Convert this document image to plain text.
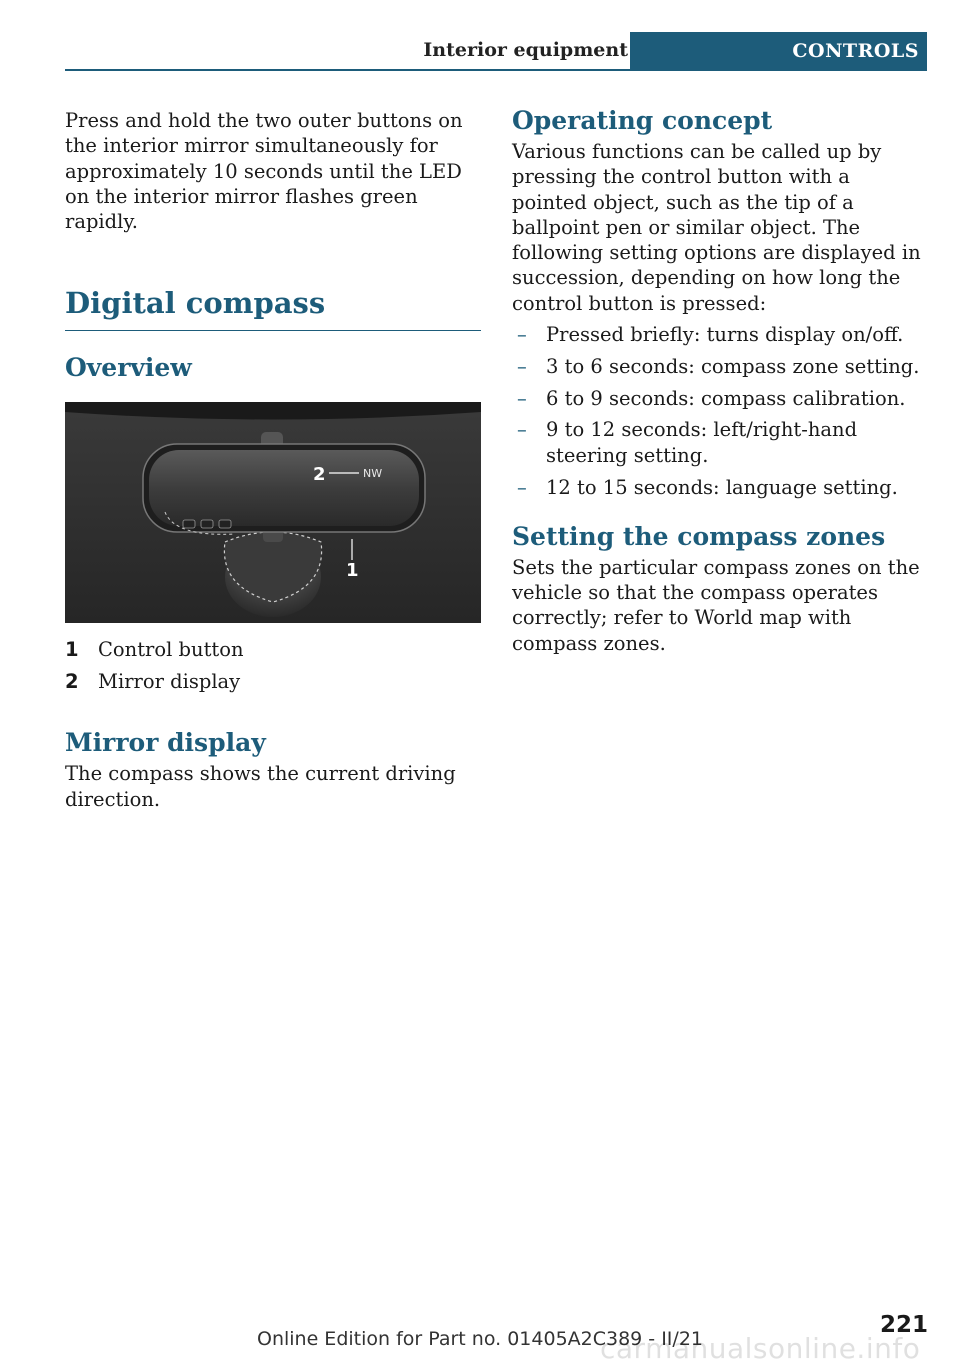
Interior equipment	CONTROLS

Press and hold the two outer buttons on the interior mirror simultaneously for approximately 10 seconds until the LED on the interior mirror flashes green rapidly.

Digital compass
Overview
NW
2
1
1 Control button
2 Mirror display
Mirror display

The compass shows the current driving direction.

Operating concept

Various functions can be called up by pressing the control button with a pointed object, such as the tip of a ballpoint pen or similar object. The following setting options are displayed in succession, depending on how long the control button is pressed:

– Pressed briefly: turns display on/off.
– 3 to 6 seconds: compass zone setting.
– 6 to 9 seconds: compass calibration.
– 9 to 12 seconds: left/right-hand steering setting.
– 12 to 15 seconds: language setting.
Setting the compass zones

Sets the particular compass zones on the vehicle so that the compass operates correctly; refer to World map with compass zones.

221
Online Edition for Part no. 01405A2C389 - II/21
carmanualsonline.info
